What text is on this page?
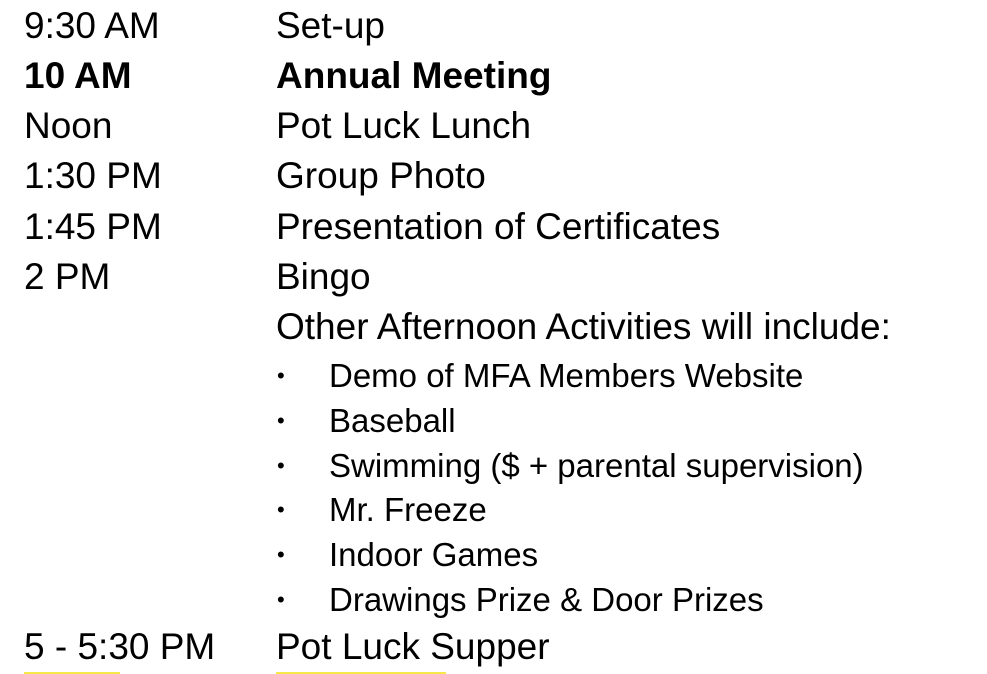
9:30 AM	Set-up
10 AM	Annual Meeting
Noon	Pot Luck Lunch
1:30 PM	Group Photo
1:45 PM	Presentation of Certificates
2 PM	Bingo
Other Afternoon Activities will include:
• Demo of MFA Members Website
• Baseball
• Swimming ($ + parental supervision)
• Mr. Freeze
• Indoor Games
• Drawings Prize & Door Prizes
5 - 5:30 PM Pot Luck Supper
